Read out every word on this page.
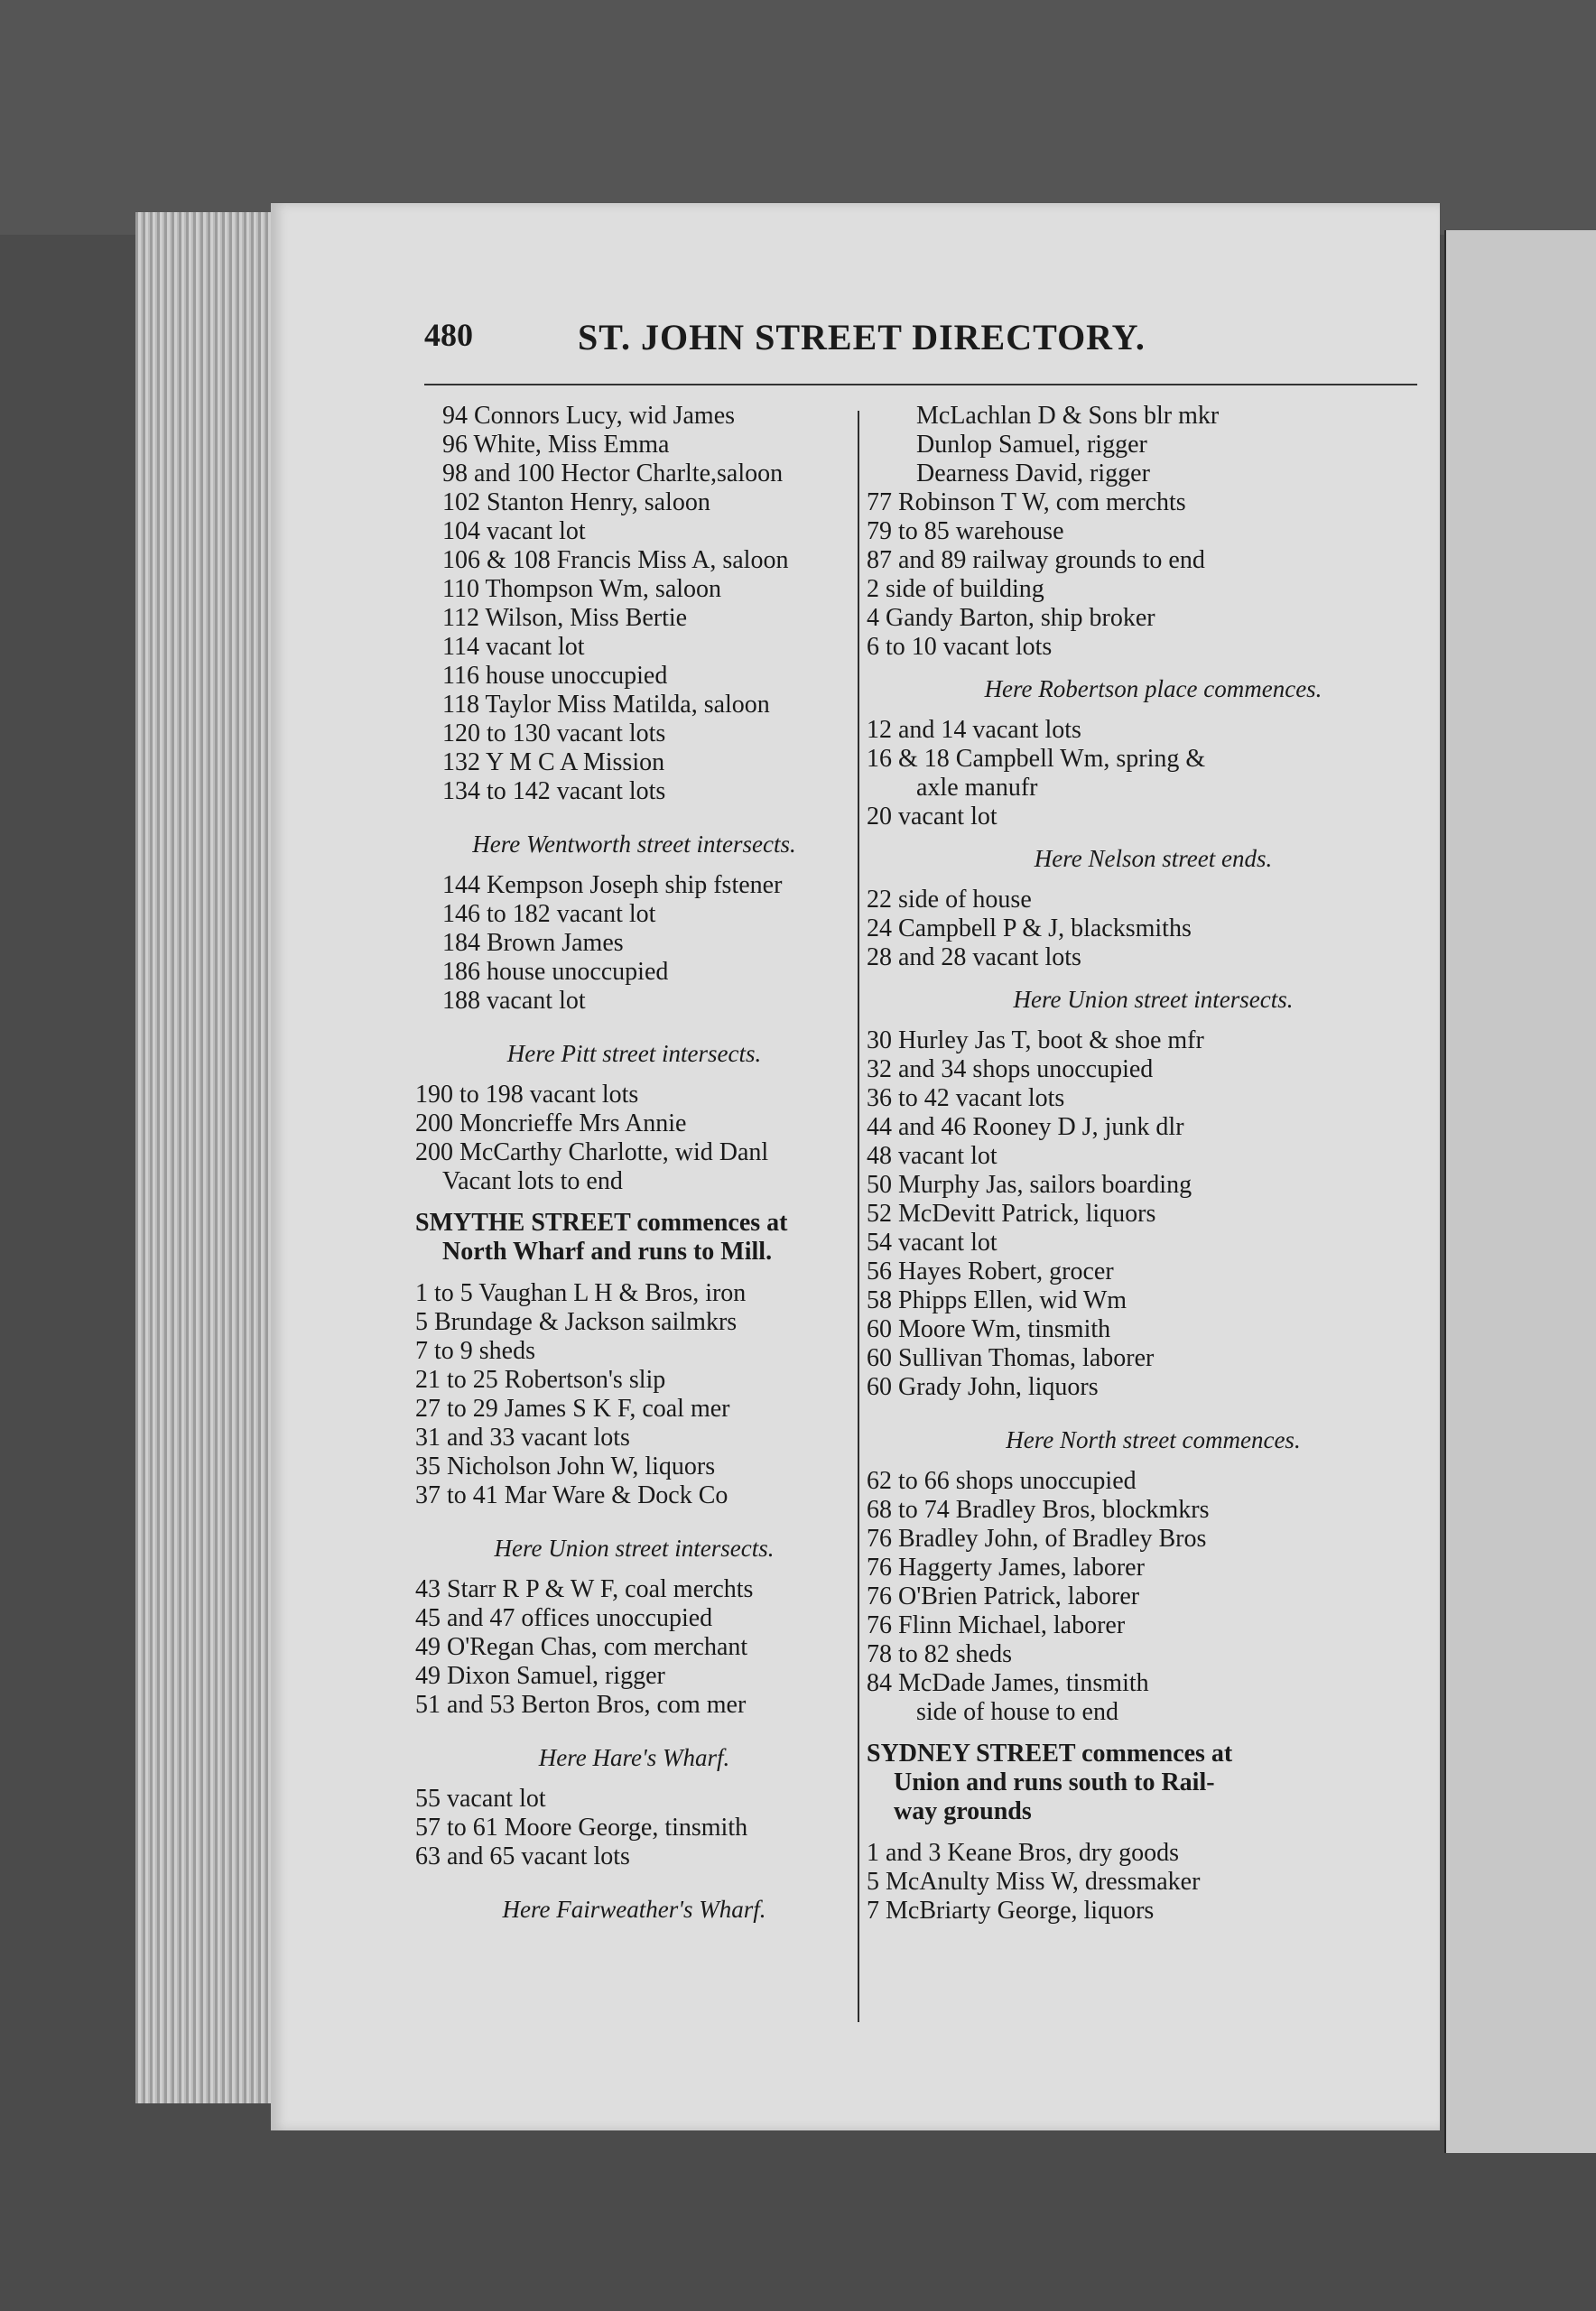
480	ST. JOHN STREET DIRECTORY.
94 Connors Lucy, wid James
96 White, Miss Emma
98 and 100 Hector Charlte,saloon
102 Stanton Henry, saloon
104 vacant lot
106 & 108 Francis Miss A, saloon
110 Thompson Wm, saloon
112 Wilson, Miss Bertie
114 vacant lot
116 house unoccupied
118 Taylor Miss Matilda, saloon
120 to 130 vacant lots
132 Y M C A Mission
134 to 142 vacant lots
Here Wentworth street intersects.
144 Kempson Joseph ship fstener
146 to 182 vacant lot
184 Brown James
186 house unoccupied
188 vacant lot
Here Pitt street intersects.
190 to 198 vacant lots
200 Moncrieffe Mrs Annie
200 McCarthy Charlotte, wid Danl
Vacant lots to end
SMYTHE STREET commences at
North Wharf and runs to Mill.
1 to 5 Vaughan L H & Bros, iron
5 Brundage & Jackson sailmkrs
7 to 9 sheds
21 to 25 Robertson's slip
27 to 29 James S K F, coal mer
31 and 33 vacant lots
35 Nicholson John W, liquors
37 to 41 Mar Ware & Dock Co
Here Union street intersects.
43 Starr R P & W F, coal merchts
45 and 47 offices unoccupied
49 O'Regan Chas, com merchant
49 Dixon Samuel, rigger
51 and 53 Berton Bros, com mer
Here Hare's Wharf.
55 vacant lot
57 to 61 Moore George, tinsmith
63 and 65 vacant lots
Here Fairweather's Wharf.
McLachlan D & Sons blr mkr
Dunlop Samuel, rigger
Dearness David, rigger
77 Robinson T W, com merchts
79 to 85 warehouse
87 and 89 railway grounds to end
2 side of building
4 Gandy Barton, ship broker
6 to 10 vacant lots
Here Robertson place commences.
12 and 14 vacant lots
16 & 18 Campbell Wm, spring &
axle manufr
20 vacant lot
Here Nelson street ends.
22 side of house
24 Campbell P & J, blacksmiths
28 and 28 vacant lots
Here Union street intersects.
30 Hurley Jas T, boot & shoe mfr
32 and 34 shops unoccupied
36 to 42 vacant lots
44 and 46 Rooney D J, junk dlr
48 vacant lot
50 Murphy Jas, sailors boarding
52 McDevitt Patrick, liquors
54 vacant lot
56 Hayes Robert, grocer
58 Phipps Ellen, wid Wm
60 Moore Wm, tinsmith
60 Sullivan Thomas, laborer
60 Grady John, liquors
Here North street commences.
62 to 66 shops unoccupied
68 to 74 Bradley Bros, blockmkrs
76 Bradley John, of Bradley Bros
76 Haggerty James, laborer
76 O'Brien Patrick, laborer
76 Flinn Michael, laborer
78 to 82 sheds
84 McDade James, tinsmith
side of house to end
SYDNEY STREET commences at
Union and runs south to Rail-
way grounds
1 and 3 Keane Bros, dry goods
5 McAnulty Miss W, dressmaker
7 McBriarty George, liquors
